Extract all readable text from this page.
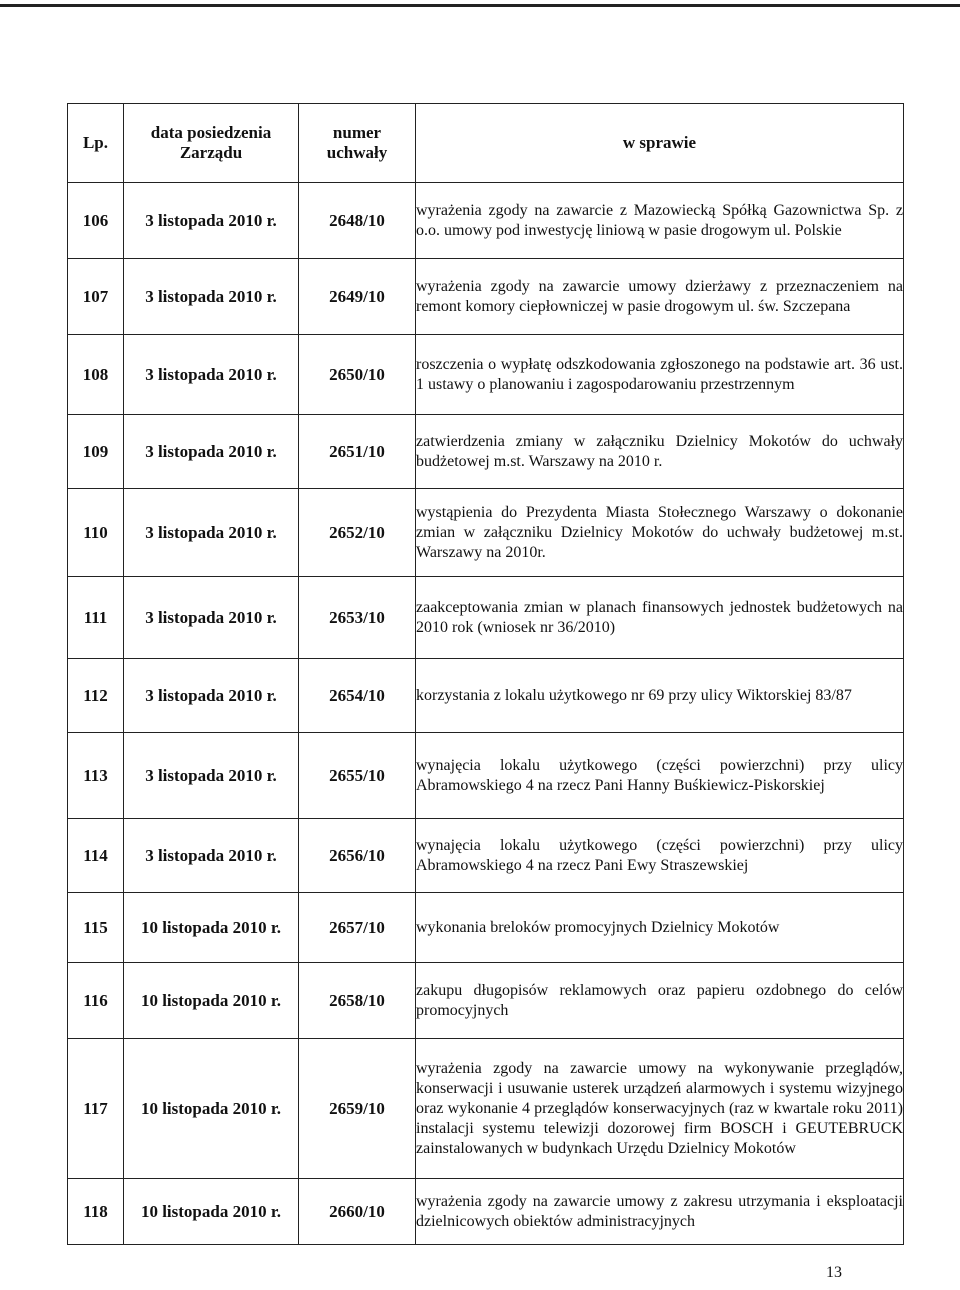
Lp.	data posiedzenia Zarządu	numer uchwały	w sprawie
106	3 listopada 2010 r.	2648/10	wyrażenia zgody na zawarcie z Mazowiecką Spółką Gazownictwa Sp. z o.o. umowy pod inwestycję liniową w pasie drogowym ul. Polskie
107	3 listopada 2010 r.	2649/10	wyrażenia zgody na zawarcie umowy dzierżawy z przeznaczeniem na remont komory ciepłowniczej w pasie drogowym ul. św. Szczepana
108	3 listopada 2010 r.	2650/10	roszczenia o wypłatę odszkodowania zgłoszonego na podstawie art. 36 ust. 1 ustawy o planowaniu i zagospodarowaniu przestrzennym
109	3 listopada 2010 r.	2651/10	zatwierdzenia zmiany w załączniku Dzielnicy Mokotów do uchwały budżetowej m.st. Warszawy na 2010 r.
110	3 listopada 2010 r.	2652/10	wystąpienia do Prezydenta Miasta Stołecznego Warszawy o dokonanie zmian w załączniku Dzielnicy Mokotów do uchwały budżetowej m.st. Warszawy na 2010r.
111	3 listopada 2010 r.	2653/10	zaakceptowania zmian w planach finansowych jednostek budżetowych na 2010 rok (wniosek nr 36/2010)
112	3 listopada 2010 r.	2654/10	korzystania z lokalu użytkowego nr 69 przy ulicy Wiktorskiej 83/87
113	3 listopada 2010 r.	2655/10	wynajęcia lokalu użytkowego (części powierzchni) przy ulicy Abramowskiego 4 na rzecz Pani Hanny Buśkiewicz-Piskorskiej
114	3 listopada 2010 r.	2656/10	wynajęcia lokalu użytkowego (części powierzchni) przy ulicy Abramowskiego 4 na rzecz Pani Ewy Straszewskiej
115	10 listopada 2010 r.	2657/10	wykonania breloków promocyjnych Dzielnicy Mokotów
116	10 listopada 2010 r.	2658/10	zakupu długopisów reklamowych oraz papieru ozdobnego do celów promocyjnych
117	10 listopada 2010 r.	2659/10	wyrażenia zgody na zawarcie umowy na wykonywanie przeglądów, konserwacji i usuwanie usterek urządzeń alarmowych i systemu wizyjnego oraz wykonanie 4 przeglądów konserwacyjnych (raz w kwartale roku 2011) instalacji systemu telewizji dozorowej firm BOSCH i GEUTEBRUCK zainstalowanych w budynkach Urzędu Dzielnicy Mokotów
118	10 listopada 2010 r.	2660/10	wyrażenia zgody na zawarcie umowy z zakresu utrzymania i eksploatacji dzielnicowych obiektów administracyjnych
13
